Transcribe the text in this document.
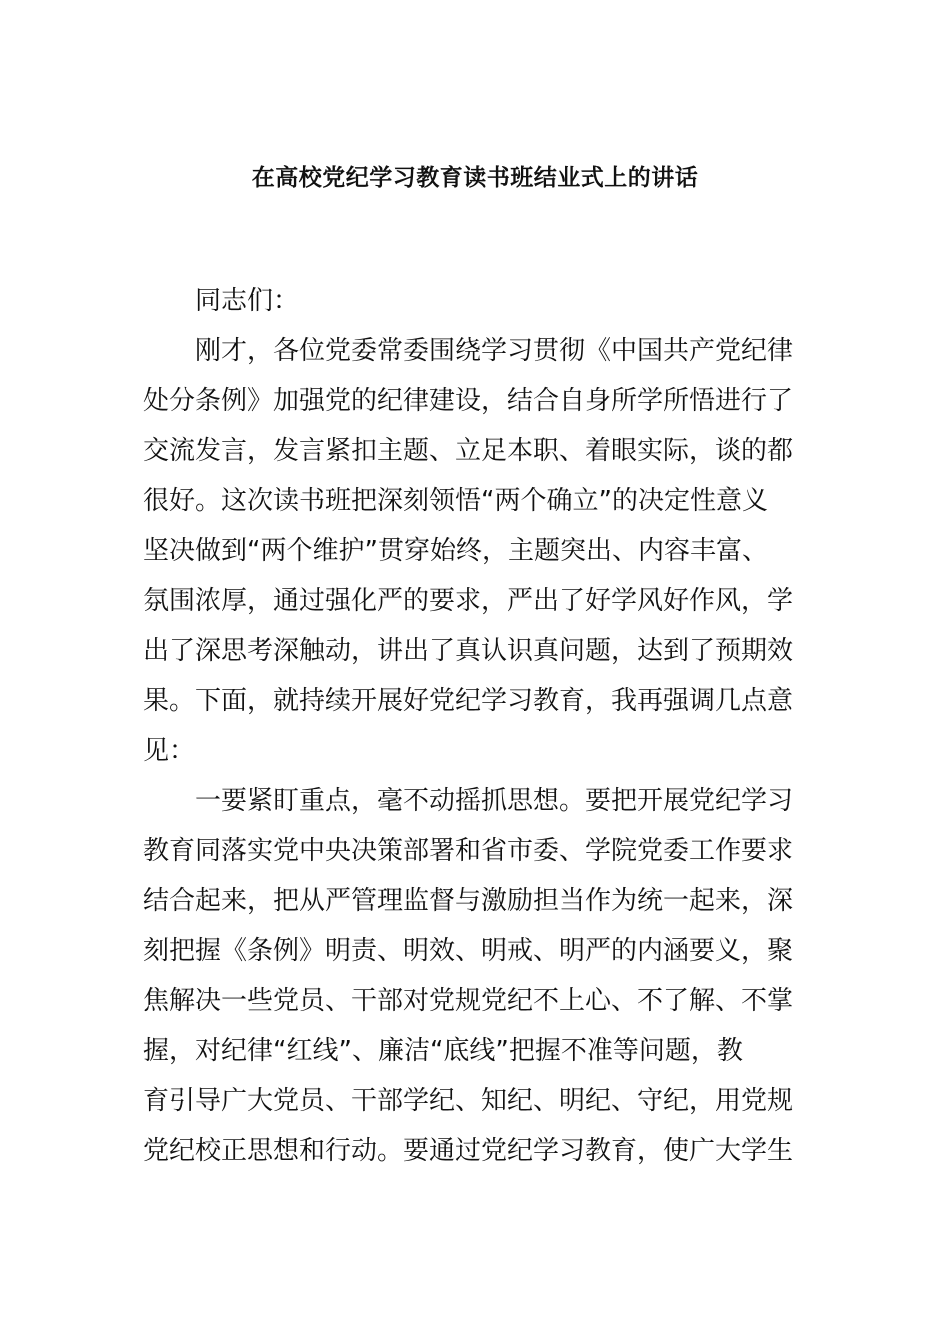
在高校党纪学习教育读书班结业式上的讲话
同志们：
刚才，各位党委常委围绕学习贯彻《中国共产党纪律
处分条例》加强党的纪律建设，结合自身所学所悟进行了
交流发言，发言紧扣主题、立足本职、着眼实际，谈的都
很好。这次读书班把深刻领悟“两个确立”的决定性意义
坚决做到“两个维护”贯穿始终，主题突出、内容丰富、
氛围浓厚，通过强化严的要求，严出了好学风好作风，学
出了深思考深触动，讲出了真认识真问题，达到了预期效
果。下面，就持续开展好党纪学习教育，我再强调几点意
见：
一要紧盯重点，毫不动摇抓思想。要把开展党纪学习
教育同落实党中央决策部署和省市委、学院党委工作要求
结合起来，把从严管理监督与激励担当作为统一起来，深
刻把握《条例》明责、明效、明戒、明严的内涵要义，聚
焦解决一些党员、干部对党规党纪不上心、不了解、不掌
握，对纪律“红线”、廉洁“底线”把握不准等问题，教
育引导广大党员、干部学纪、知纪、明纪、守纪，用党规
党纪校正思想和行动。要通过党纪学习教育，使广大学生
